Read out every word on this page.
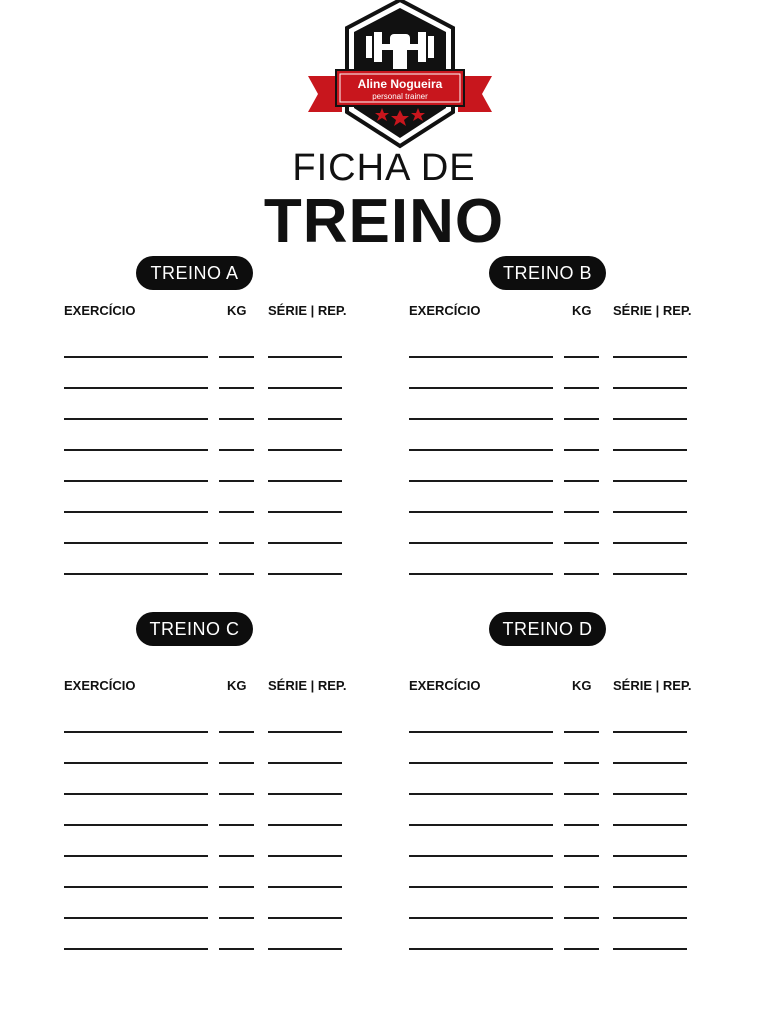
Aline Nogueira
personal trainer
FICHA DE
TREINO
TREINO A
EXERCÍCIO	KG SÉRIE | REP.
TREINO B
EXERCÍCIO	KG SÉRIE | REP.
TREINO C
EXERCÍCIO	KG SÉRIE | REP.
TREINO D
EXERCÍCIO	KG SÉRIE | REP.
